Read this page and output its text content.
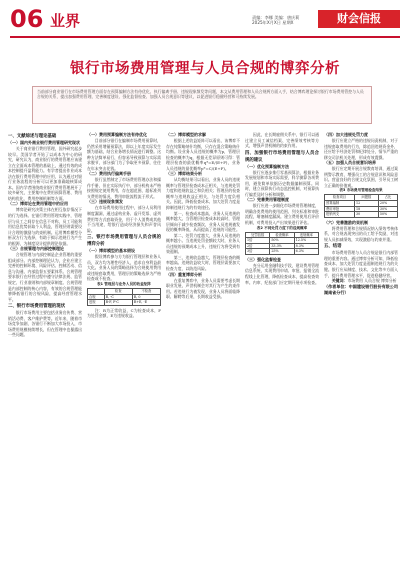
06 业界	责编：李娜 美编：唐庆莉
2025年X月X日 星期X	财会信报
银行市场费用管理与人员合规的博弈分析
当前部分商业银行在市场费用管理方面存在预算编制方法有待优化、执行偏离手册、违规现象频发等问题，本文从费用管理和人员合规两方面入手，结合博弈理论探讨银行市场费用管控与人员合规的关系，提出加强费用管理、完善制度建设、强化监督检查、加强人员合规意识等建议，以促进银行稳健经营和可持续发展。

一、文献综述与理论基础

（一）国内外商业银行费用管理研究现状

关于商业银行费用管理，国外研究起步较早。美国学者开始了以成本为中心的研究，研究认为，商业银行的费用管理应该建立在全面成本管理的基础上，通过有效的成本控制提升盈利能力。有学者提出作业成本法在银行费用管理中的应用，认为通过对银行业务流程的分析可以更加准确地核算成本。国内学者围绕商业银行费用管理展开了较多研究，主要集中在费用预算管理、费用结构优化、费用控制机制等方面。

（二）博弈论在费用管理中的应用

博弈论研究决策主体在相互依存情况下的行为选择。在银行费用管理实践中，管理层与员工之间存在信息不对称，员工可能利用信息优势获取个人利益，管理层则需要设计合理的激励与约束机制。运用博弈模型分析双方行为选择，有助于揭示违规行为产生的根源，为制度设计提供理论依据。

（三）合规管理与内部控制理论

合规管理与内部控制是企业管理的重要组成部分。内部控制理论认为，企业应建立完善的控制环境、风险评估、控制活动、信息与沟通、内部监督五要素体系。合规管理要求银行在经营过程中遵守法律法规、监管规定、行业准则和内部规章制度。合规管理是内部控制的核心内容，有效的合规管理能够降低银行的合规风险，提高经营管理水平。

二、银行市场费用管理的现状

银行市场费用主要包括业务宣传费、营销活动费、客户维护费等。近年来，随着市场竞争加剧，各银行不断加大市场投入，市场费用规模持续增长，但在管理中也暴露出一些问题。

（一）费用预算编制方法有待优化

目前部分银行在编制市场费用预算时，仍然采用增量预算法，即以上年度实际发生额为基础，结合业务增长情况进行调整。这种方法简单易行，但容易导致预算与实际需求脱节，部分部门为了争取更多预算，往往在年末突击花钱。

（二）费用执行偏离手册

银行虽然制定了市场费用管理办法和操作手册，但在实际执行中，部分机构未严格按照规定使用费用，存在超范围、超标准列支费用的情况，费用审批流程流于形式。

（三）违规现象频发

在市场费用使用过程中，部分人员利用制度漏洞，通过虚构业务、虚开发票、虚列费用等方式套取资金，用于个人消费或其他不当用途，给银行造成经济损失和声誉风险。

三、银行市场费用管理与人员合规的博弈分析

（一）博弈模型的基本假设

假设博弈参与方为银行管理层和业务人员，双方均为理性经济人，追求自身利益最大化。业务人员的策略选择为合规使用费用或违规套取费用，管理层的策略选择为严格检查或不检查。

表1 管理层与业务人员的收益矩阵
	检查	不检查
合规	R, -C	R, 0
违规	R-F, F-C	R+E, -E

注：R为正常收益，C为检查成本，F为处罚金额，E为违规收益。

（二）博弈模型的求解

根据上述收益矩阵可以看出，该博弈不存在纯策略纳什均衡，只存在混合策略纳什均衡。设业务人员违规的概率为p，管理层检查的概率为q，根据无差异原则可得：管理层检查的最优概率q*=E/(E+F)，业务人员违规的最优概率p*=C/(E+F)。

（三）博弈结果分析

从均衡结果可以看出，业务人员的违规概率与管理层检查成本正相关，与违规处罚力度和违规收益之和负相关；管理层的检查概率与违规收益正相关，与处罚力度负相关。因此，降低检查成本、加大处罚力度是抑制违规行为的有效途径。

第一，检查成本越高，业务人员违规的概率越大。当管理层检查成本较高时，管理层倾向于减少检查频次，业务人员违规被发现的概率降低，从而提高了违规的可能性。

第二，处罚力度越大，业务人员违规的概率越小。当违规处罚金额较大时，业务人员违规的预期成本上升，违规行为将受到有效遏制。

第三，违规收益越大，管理层检查的概率越高。违规收益较大时，管理层需要加大检查力度，以防范风险。

（四）重复博弈分析

在重复博弈中，业务人员需要考虑长期职业发展，声誉机制会对其行为产生约束作用。若违规行为被发现，业务人员将面临降职、解聘等后果，长期收益受损。

因此，在长期雇佣关系中，银行可以通过建立员工诚信档案、完善绩效考核等方式，增强声誉机制的约束作用。

四、加强银行市场费用管理与人员合规的建议

（一）优化预算编制方法

银行应逐步推行零基预算法，根据业务发展规划和市场实际需要，科学测算各项费用，避免简单依据历史数据编制预算。同时，建立预算执行动态监控机制，对预算执行偏差及时分析和调整。

（二）完善费用管理制度

银行应进一步细化市场费用管理制度，明确各类费用的使用范围、列支标准和审批流程，堵塞制度漏洞。建立费用使用后评价机制，对费用投入产出效果进行评估。

表2 不同处罚力度下的违规概率
处罚倍数	检查概率	违规概率
1倍	50%	12.5%
2倍	33.3%	8.3%
3倍	25%	6.3%

（三）强化监督检查

充分运用金融科技手段，建设费用管理信息系统，实现费用申请、审批、报销全流程线上化管理，降低检查成本，提高检查效率。内审、纪检部门应定期开展专项检查。

（四）加大违规处罚力度

银行应建立严格的违规问责机制，对于违规套取费用的行为，除追回违规资金外，还应给予经济处罚和纪律处分，情节严重的移交司法机关处理，形成有效震慑。

（五）加强人员合规意识培养

银行应定期开展合规教育培训，通过案例警示教育，增强员工的合规意识和风险意识。营造良好的合规文化氛围，引导员工树立正确的价值观。

表3 市场费用管理检查结果
检查项目	问题数	占比
预算编制	12	20%
费用审批	18	30%
报销列支	30	50%

（六）完善激励约束机制

将费用管理和合规情况纳入绩效考核体系，对合规表现突出的员工给予奖励，对违规人员扣减绩效，实现激励与约束并重。

五、结语

市场费用管理与人员合规是银行内部管理的重要内容。通过博弈分析可知，降低检查成本、加大处罚力度是遏制违规行为的关键。银行应从制度、技术、文化等多方面入手，提升费用管理水平，促进稳健经营。

关键词：市场费用 人员合规 博弈分析

（作者单位：中国建设银行股份有限公司湖南省分行）
